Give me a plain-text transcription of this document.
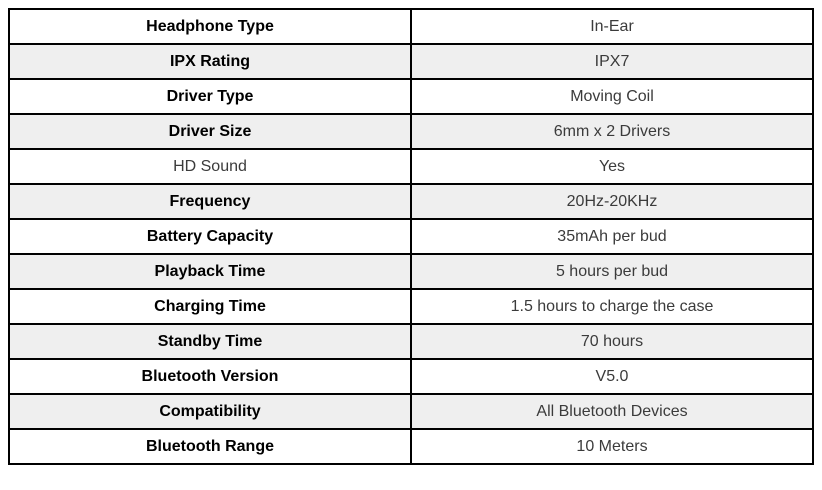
Headphone Type	In-Ear
IPX Rating	IPX7
Driver Type	Moving Coil
Driver Size	6mm x 2 Drivers
HD Sound	Yes
Frequency	20Hz-20KHz
Battery Capacity	35mAh per bud
Playback Time	5 hours per bud
Charging Time	1.5 hours to charge the case
Standby Time	70 hours
Bluetooth Version	V5.0
Compatibility	All Bluetooth Devices
Bluetooth Range	10 Meters
